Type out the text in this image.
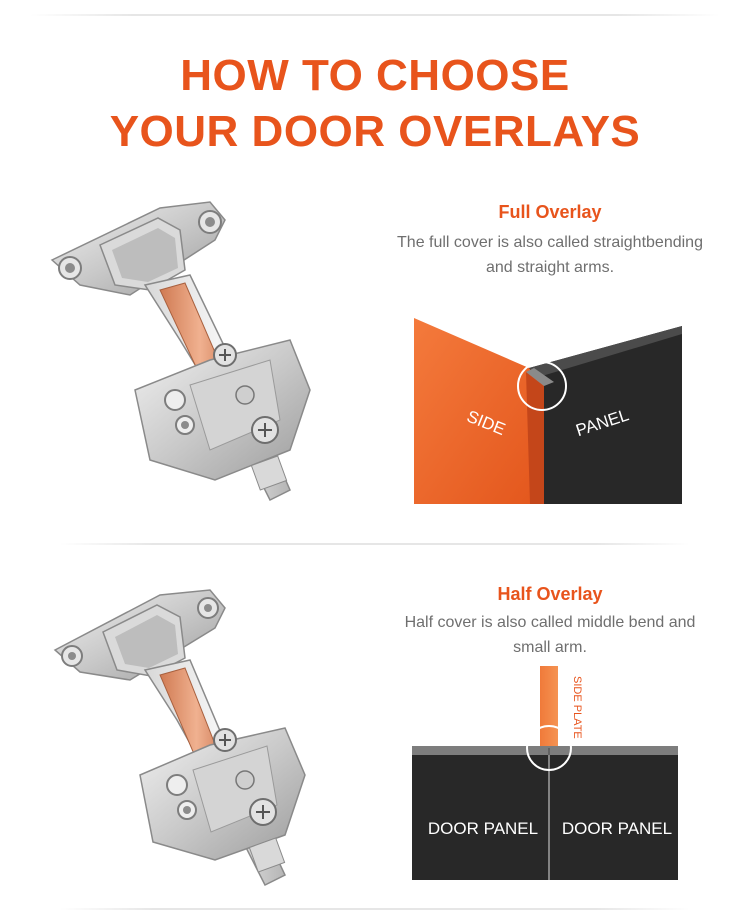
HOW TO CHOOSE
YOUR DOOR OVERLAYS
Full Overlay
The full cover is also called straightbending and straight arms.
SIDE	PANEL
Half Overlay
Half cover is also called middle bend and small arm.
SIDE PLATE
DOOR PANEL DOOR PANEL
